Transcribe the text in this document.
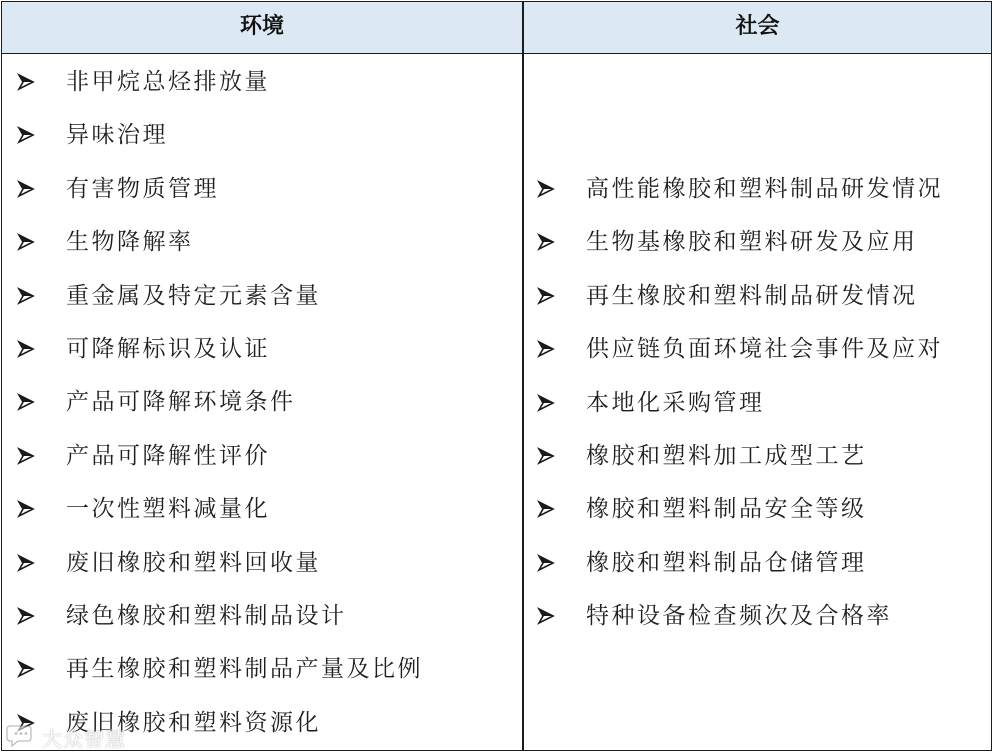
环境	社会
非甲烷总烃排放量
异味治理
有害物质管理
生物降解率
重金属及特定元素含量
可降解标识及认证
产品可降解环境条件
产品可降解性评价
一次性塑料减量化
废旧橡胶和塑料回收量
绿色橡胶和塑料制品设计
再生橡胶和塑料制品产量及比例
废旧橡胶和塑料资源化
高性能橡胶和塑料制品研发情况
生物基橡胶和塑料研发及应用
再生橡胶和塑料制品研发情况
供应链负面环境社会事件及应对
本地化采购管理
橡胶和塑料加工成型工艺
橡胶和塑料制品安全等级
橡胶和塑料制品仓储管理
特种设备检查频次及合格率
大众智慧
